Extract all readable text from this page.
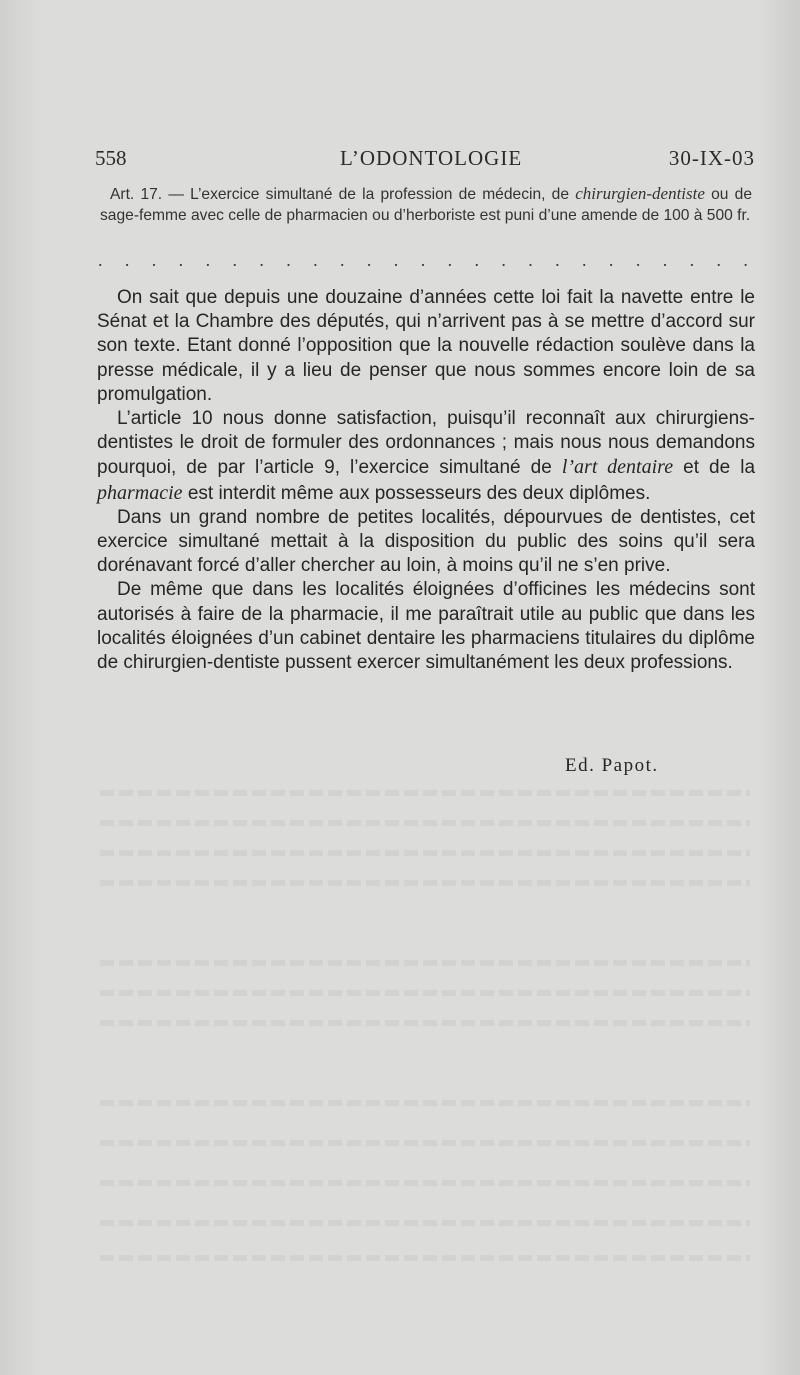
558	L’ODONTOLOGIE	30-IX-03
Art. 17. — L’exercice simultané de la profession de médecin, de chirurgien-dentiste ou de sage-femme avec celle de pharmacien ou d’herboriste est puni d’une amende de 100 à 500 fr.
. . . . . . . . . . . . . . . . . . . . . . . . .

On sait que depuis une douzaine d’années cette loi fait la navette entre le Sénat et la Chambre des députés, qui n’arrivent pas à se mettre d’accord sur son texte. Etant donné l’opposition que la nouvelle rédaction soulève dans la presse médicale, il y a lieu de penser que nous sommes encore loin de sa promulgation.

L’article 10 nous donne satisfaction, puisqu’il reconnaît aux chirurgiens-dentistes le droit de formuler des ordonnances ; mais nous nous demandons pourquoi, de par l’article 9, l’exercice simultané de l’art dentaire et de la pharmacie est interdit même aux possesseurs des deux diplômes.

Dans un grand nombre de petites localités, dépourvues de dentistes, cet exercice simultané mettait à la disposition du public des soins qu’il sera dorénavant forcé d’aller chercher au loin, à moins qu’il ne s’en prive.

De même que dans les localités éloignées d’officines les médecins sont autorisés à faire de la pharmacie, il me paraîtrait utile au public que dans les localités éloignées d’un cabinet dentaire les pharmaciens titulaires du diplôme de chirurgien-dentiste pussent exercer simultanément les deux professions.

Ed. Papot.
